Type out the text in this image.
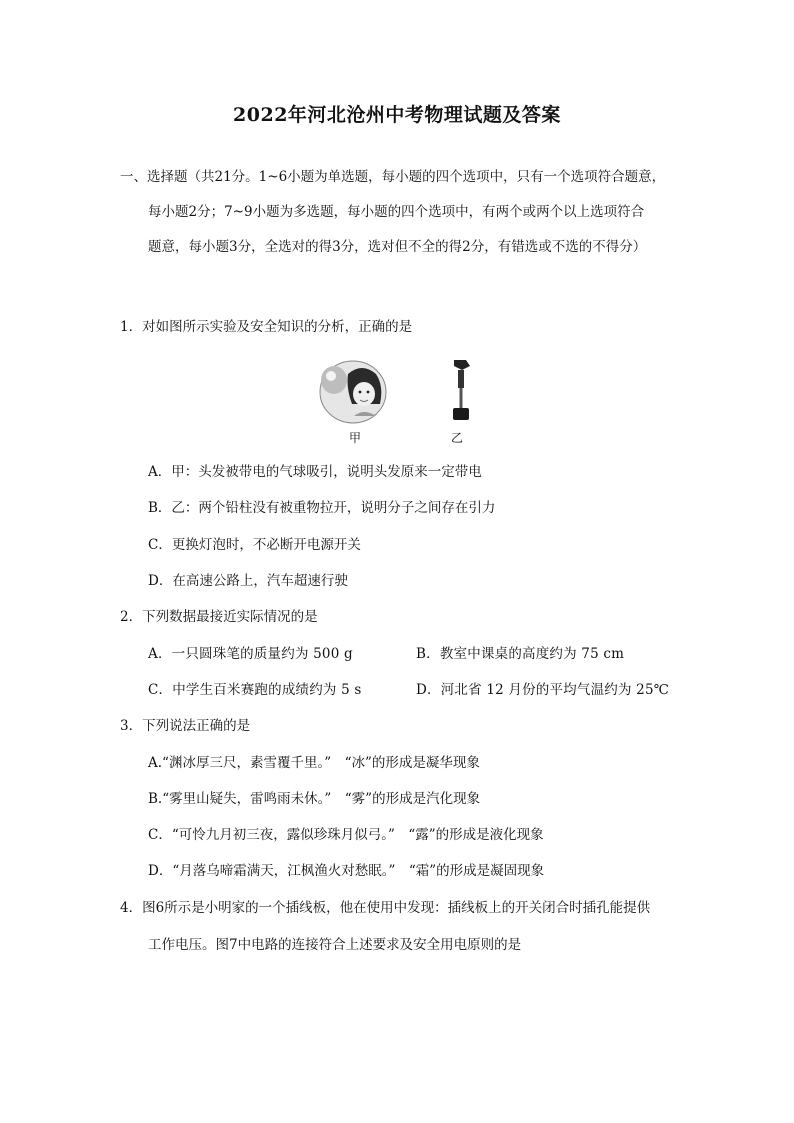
2022年河北沧州中考物理试题及答案
一、选择题（共21分。1~6小题为单选题，每小题的四个选项中，只有一个选项符合题意，
每小题2分；7~9小题为多选题，每小题的四个选项中，有两个或两个以上选项符合
题意，每小题3分，全选对的得3分，选对但不全的得2分，有错选或不选的不得分）
1．对如图所示实验及安全知识的分析，正确的是
甲	乙
A．甲：头发被带电的气球吸引，说明头发原来一定带电
B．乙：两个铅柱没有被重物拉开，说明分子之间存在引力
C．更换灯泡时，不必断开电源开关
D．在高速公路上，汽车超速行驶
2．下列数据最接近实际情况的是
A．一只圆珠笔的质量约为 500 g	B．教室中课桌的高度约为 75 cm
C．中学生百米赛跑的成绩约为 5 s	D．河北省 12 月份的平均气温约为 25℃
3．下列说法正确的是
A.“渊冰厚三尺，素雪覆千里。”　“冰”的形成是凝华现象
B.“雾里山疑失，雷鸣雨未休。”　“雾”的形成是汽化现象
C．“可怜九月初三夜，露似珍珠月似弓。”　“露”的形成是液化现象
D．“月落乌啼霜满天，江枫渔火对愁眠。”　“霜”的形成是凝固现象
4．图6所示是小明家的一个插线板，他在使用中发现：插线板上的开关闭合时插孔能提供
工作电压。图7中电路的连接符合上述要求及安全用电原则的是
